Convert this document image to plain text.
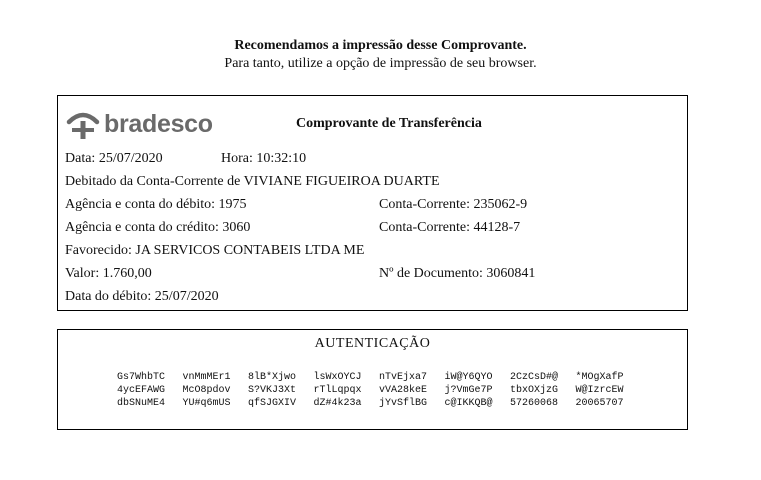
Recomendamos a impressão desse Comprovante.
Para tanto, utilize a opção de impressão de seu browser.
bradesco	Comprovante de Transferência
Data: 25/07/2020	Hora: 10:32:10
Debitado da Conta-Corrente de VIVIANE FIGUEIROA DUARTE
Agência e conta do débito: 1975	Conta-Corrente: 235062-9
Agência e conta do crédito: 3060	Conta-Corrente: 44128-7
Favorecido: JA SERVICOS CONTABEIS LTDA ME
Valor: 1.760,00	Nº de Documento: 3060841
Data do débito: 25/07/2020
AUTENTICAÇÃO
Gs7WhbTC	vnMmMEr1	8lB*Xjwo	lsWxOYCJ	nTvEjxa7	iW@Y6QYO	2CzCsD#@	*MOgXafP
4ycEFAWG	McO8pdov	S?VKJ3Xt	rTlLqpqx	vVA28keE	j?VmGe7P	tbxOXjzG	W@IzrcEW
dbSNuME4	YU#q6mUS	qfSJGXIV	dZ#4k23a	jYvSflBG	c@IKKQB@	57260068	20065707
